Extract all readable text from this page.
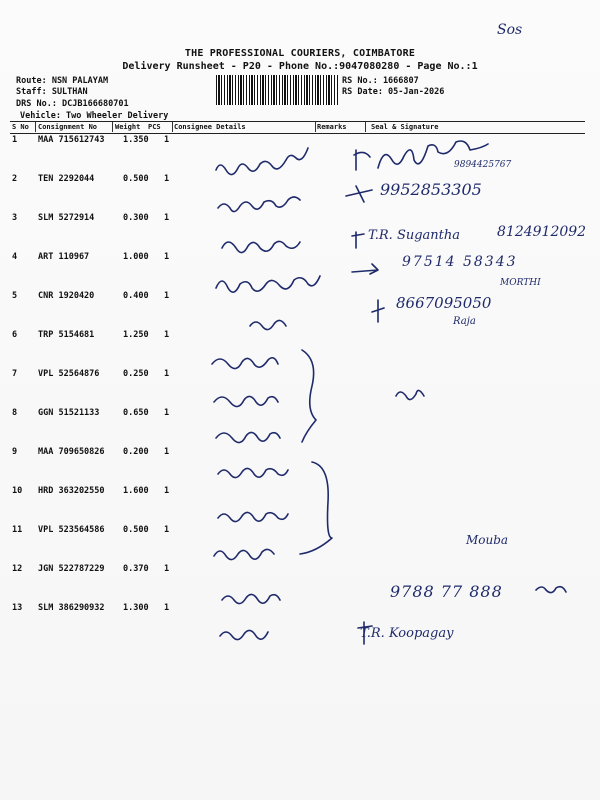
Sos
THE PROFESSIONAL COURIERS, COIMBATORE
Delivery Runsheet - P20 - Phone No.:9047080280 - Page No.:1
Route: NSN PALAYAM
Staff: SULTHAN
DRS No.: DCJB166680701
Vehicle: Two Wheeler Delivery
RS No.: 1666807
RS Date: 05-Jan-2026
S No Consignment No	Weight PCS Consignee Details	Remarks	Seal & Signature
1 MAA 715612743 1.350 1
2 TEN 2292044	0.500 1
3 SLM 5272914	0.300 1
4 ART 110967	1.000 1
5 CNR 1920420	0.400 1
6 TRP 5154681	1.250 1
7 VPL 52564876	0.250 1
8 GGN 51521133	0.650 1
9 MAA 709650826 0.200 1
10 HRD 363202550 1.600 1
11 VPL 523564586 0.500 1
12 JGN 522787229 0.370 1
13 SLM 386290932 1.300 1
9894425767
9952853305
T.R. Sugantha	8124912092
97514 58343
MORTHI
8667095050
Raja
Mouba
9788 77 888
T.R. Koopagay
